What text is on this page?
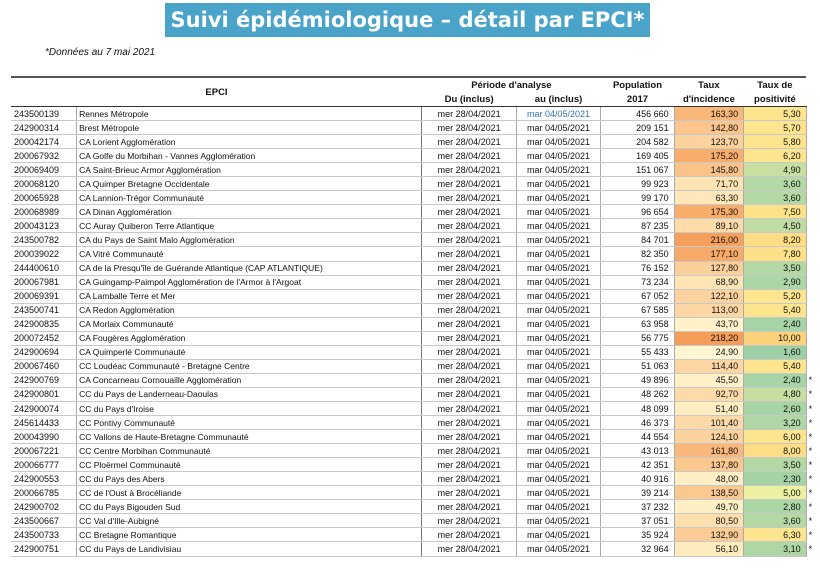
Suivi épidémiologique – détail par EPCI*
*Données au 7 mai 2021
EPCI		Période d'analyse		Population	Taux	Taux de	
		Du (inclus)	au (inclus)	2017	d'incidence	positivité	
243500139	Rennes Métropole	mer 28/04/2021	mar 04/05/2021	456 660	163,30	5,30	
242900314	Brest Métropole	mer 28/04/2021	mar 04/05/2021	209 151	142,80	5,70	
200042174	CA Lorient Agglomération	mer 28/04/2021	mar 04/05/2021	204 582	123,70	5,80	
200067932	CA Golfe du Morbihan - Vannes Agglomération	mer 28/04/2021	mar 04/05/2021	169 405	175,20	6,20	
200069409	CA Saint-Brieuc Armor Agglomération	mer 28/04/2021	mar 04/05/2021	151 067	145,80	4,90	
200068120	CA Quimper Bretagne Occidentale	mer 28/04/2021	mar 04/05/2021	99 923	71,70	3,60	
200065928	CA Lannion-Trégor Communauté	mer 28/04/2021	mar 04/05/2021	99 170	63,30	3,60	
200068989	CA Dinan Agglomération	mer 28/04/2021	mar 04/05/2021	96 654	175,30	7,50	
200043123	CC Auray Quiberon Terre Atlantique	mer 28/04/2021	mar 04/05/2021	87 235	89,10	4,50	
243500782	CA du Pays de Saint Malo Agglomération	mer 28/04/2021	mar 04/05/2021	84 701	216,00	8,20	
200039022	CA Vitré Communauté	mer 28/04/2021	mar 04/05/2021	82 350	177,10	7,80	
244400610	CA de la Presqu'île de Guérande Atlantique (CAP ATLANTIQUE)	mer 28/04/2021	mar 04/05/2021	76 152	127,80	3,50	
200067981	CA Guingamp-Paimpol Agglomération de l'Armor à l'Argoat	mer 28/04/2021	mar 04/05/2021	73 234	68,90	2,90	
200069391	CA Lamballe Terre et Mer	mer 28/04/2021	mar 04/05/2021	67 052	122,10	5,20	
243500741	CA Redon Agglomération	mer 28/04/2021	mar 04/05/2021	67 585	113,00	5,40	
242900835	CA Morlaix Communauté	mer 28/04/2021	mar 04/05/2021	63 958	43,70	2,40	
200072452	CA Fougères Agglomération	mer 28/04/2021	mar 04/05/2021	56 775	218,20	10,00	
242900694	CA Quimperlé Communauté	mer 28/04/2021	mar 04/05/2021	55 433	24,90	1,60	
200067460	CC Loudéac Communauté - Bretagne Centre	mer 28/04/2021	mar 04/05/2021	51 063	114,40	5,40	
242900769	CA Concarneau Cornouaille Agglomération	mer 28/04/2021	mar 04/05/2021	49 896	45,50	2,40	*
242900801	CC du Pays de Landerneau-Daoulas	mer 28/04/2021	mar 04/05/2021	48 262	92,70	4,80	*
242900074	CC du Pays d'Iroise	mer 28/04/2021	mar 04/05/2021	48 099	51,40	2,60	*
245614433	CC Pontivy Communauté	mer 28/04/2021	mar 04/05/2021	46 373	101,40	3,20	*
200043990	CC Vallons de Haute-Bretagne Communauté	mer 28/04/2021	mar 04/05/2021	44 554	124,10	6,00	*
200067221	CC Centre Morbihan Communauté	mer 28/04/2021	mar 04/05/2021	43 013	161,80	8,00	*
200066777	CC Ploërmel Communauté	mer 28/04/2021	mar 04/05/2021	42 351	137,80	3,50	*
242900553	CC du Pays des Abers	mer 28/04/2021	mar 04/05/2021	40 916	48,00	2,30	*
200066785	CC de l'Oust à Brocéliande	mer 28/04/2021	mar 04/05/2021	39 214	138,50	5,00	*
242900702	CC du Pays Bigouden Sud	mer 28/04/2021	mar 04/05/2021	37 232	49,70	2,80	*
243500667	CC Val d'Ille-Aubigné	mer 28/04/2021	mar 04/05/2021	37 051	80,50	3,60	*
243500733	CC Bretagne Romantique	mer 28/04/2021	mar 04/05/2021	35 924	132,90	6,30	*
242900751	CC du Pays de Landivisiau	mer 28/04/2021	mar 04/05/2021	32 964	56,10	3,10	*
